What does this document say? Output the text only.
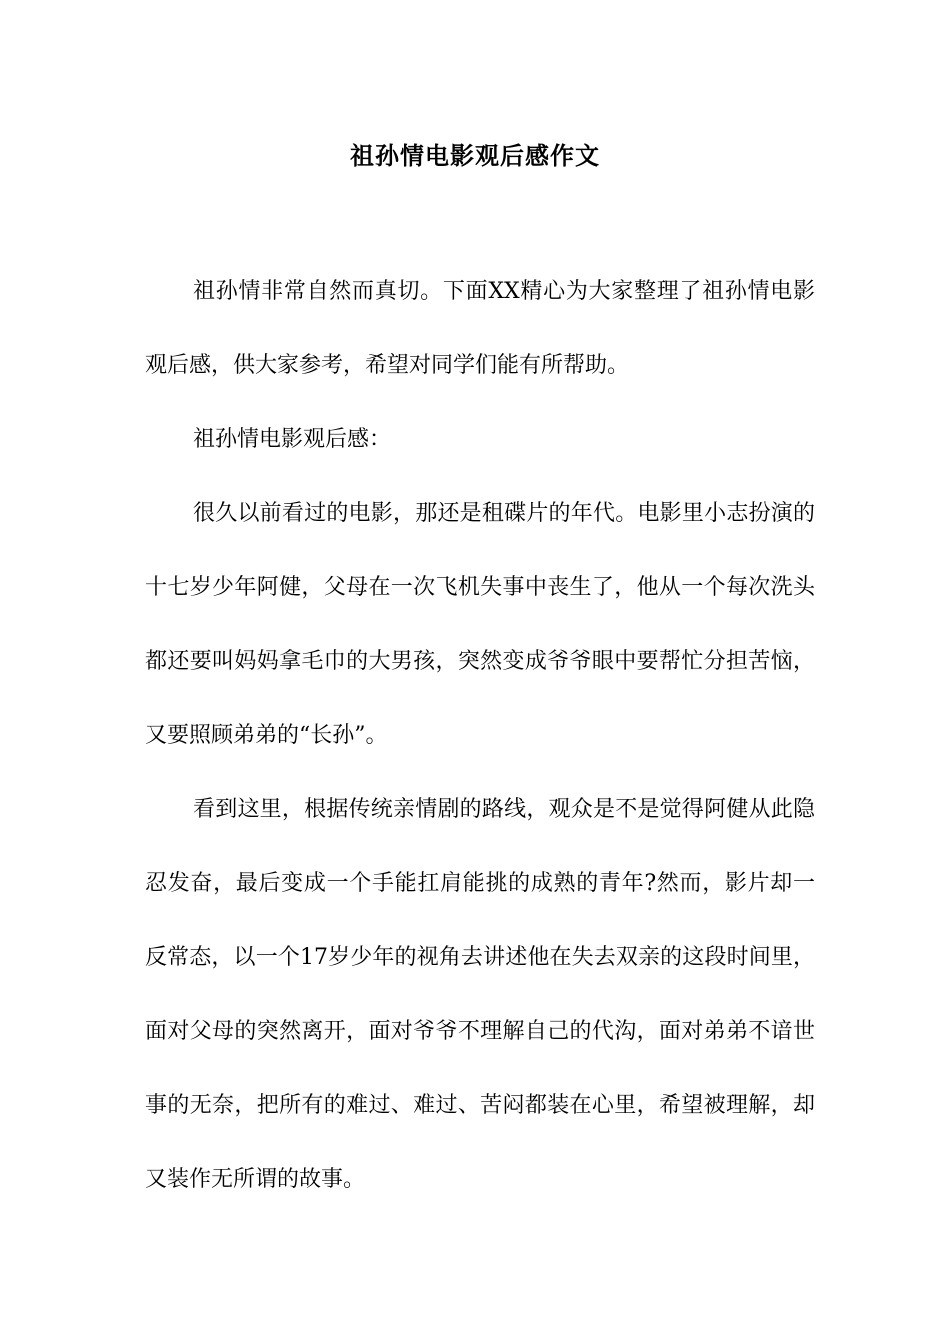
祖孙情电影观后感作文

祖孙情非常自然而真切。下面XX精心为大家整理了祖孙情电影观后感，供大家参考，希望对同学们能有所帮助。

祖孙情电影观后感：

很久以前看过的电影，那还是租碟片的年代。电影里小志扮演的十七岁少年阿健，父母在一次飞机失事中丧生了，他从一个每次洗头都还要叫妈妈拿毛巾的大男孩，突然变成爷爷眼中要帮忙分担苦恼，又要照顾弟弟的“长孙”。

看到这里，根据传统亲情剧的路线，观众是不是觉得阿健从此隐忍发奋，最后变成一个手能扛肩能挑的成熟的青年?然而，影片却一反常态，以一个17岁少年的视角去讲述他在失去双亲的这段时间里，面对父母的突然离开，面对爷爷不理解自己的代沟，面对弟弟不谙世事的无奈，把所有的难过、难过、苦闷都装在心里，希望被理解，却又装作无所谓的故事。
